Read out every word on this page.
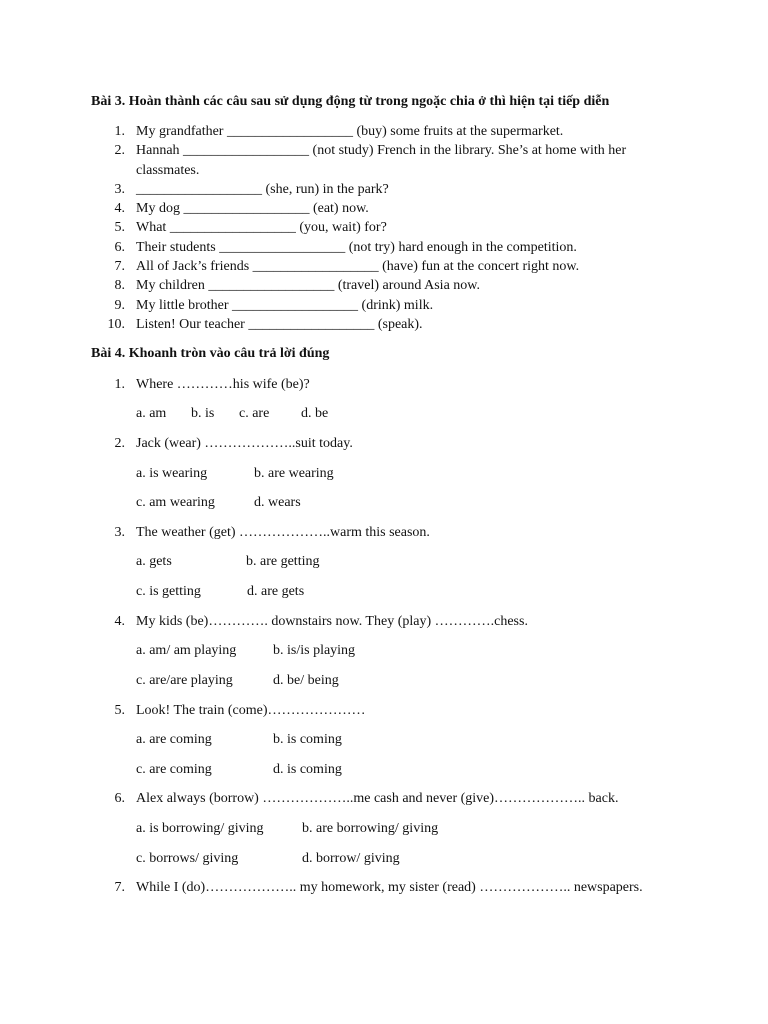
Bài 3. Hoàn thành các câu sau sử dụng động từ trong ngoặc chia ở thì hiện tại tiếp diễn
1. My grandfather __________________ (buy) some fruits at the supermarket.
2. Hannah __________________ (not study) French in the library. She’s at home with her classmates.
3. __________________ (she, run) in the park?
4. My dog __________________ (eat) now.
5. What __________________ (you, wait) for?
6. Their students __________________ (not try) hard enough in the competition.
7. All of Jack’s friends __________________ (have) fun at the concert right now.
8. My children __________________ (travel) around Asia now.
9. My little brother __________________ (drink) milk.
10. Listen! Our teacher __________________ (speak).
Bài 4. Khoanh tròn vào câu trả lời đúng
1. Where …………his wife (be)?
a. am b. is c. are d. be
2. Jack (wear) ………………..suit today.
a. is wearing	b. are wearing
c. am wearing	d. wears
3. The weather (get) ………………..warm this season.
a. gets	b. are getting
c. is getting	d. are gets
4. My kids (be)…………. downstairs now. They (play) ………….chess.
a. am/ am playing	b. is/is playing
c. are/are playing	d. be/ being
5. Look! The train (come)…………………
a. are coming	b. is coming
c. are coming	d. is coming
6. Alex always (borrow) ………………..me cash and never (give)……………….. back.
a. is borrowing/ giving	b. are borrowing/ giving
c. borrows/ giving	d. borrow/ giving
7. While I (do)……………….. my homework, my sister (read) ……………….. newspapers.
